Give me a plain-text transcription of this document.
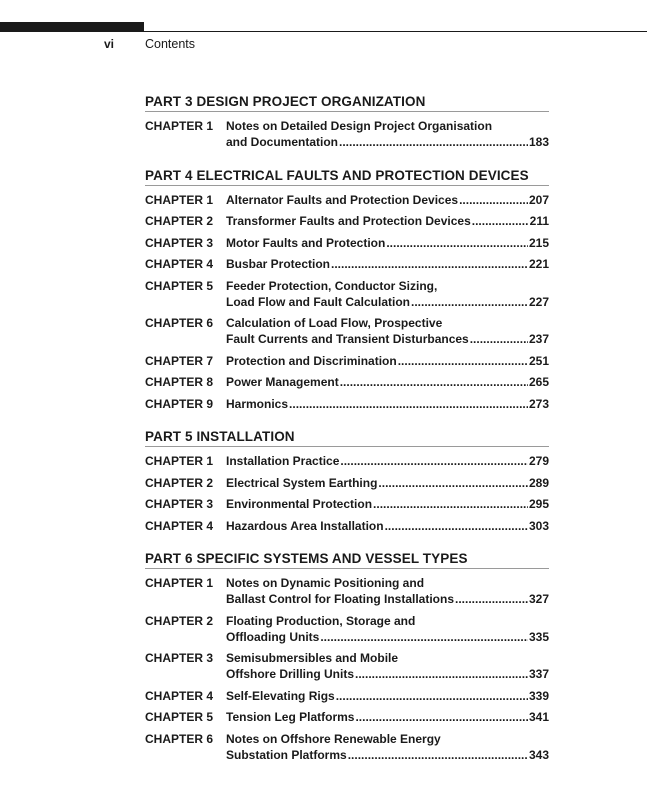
vi Contents
PART 3 DESIGN PROJECT ORGANIZATION
CHAPTER 1	Notes on Detailed Design Project Organisation
and Documentation .....	183
PART 4 ELECTRICAL FAULTS AND PROTECTION DEVICES
CHAPTER 1	Alternator Faults and Protection Devices .....	207
CHAPTER 2	Transformer Faults and Protection Devices .....	211
CHAPTER 3	Motor Faults and Protection .....	215
CHAPTER 4	Busbar Protection .....	221
CHAPTER 5	Feeder Protection, Conductor Sizing,
Load Flow and Fault Calculation .....	227
CHAPTER 6	Calculation of Load Flow, Prospective
Fault Currents and Transient Disturbances .....	237
CHAPTER 7	Protection and Discrimination .....	251
CHAPTER 8	Power Management .....	265
CHAPTER 9	Harmonics .....	273
PART 5 INSTALLATION
CHAPTER 1	Installation Practice .....	279
CHAPTER 2	Electrical System Earthing .....	289
CHAPTER 3	Environmental Protection .....	295
CHAPTER 4	Hazardous Area Installation .....	303
PART 6 SPECIFIC SYSTEMS AND VESSEL TYPES
CHAPTER 1	Notes on Dynamic Positioning and
Ballast Control for Floating Installations .....	327
CHAPTER 2	Floating Production, Storage and
Offloading Units .....	335
CHAPTER 3	Semisubmersibles and Mobile
Offshore Drilling Units .....	337
CHAPTER 4	Self-Elevating Rigs .....	339
CHAPTER 5	Tension Leg Platforms .....	341
CHAPTER 6	Notes on Offshore Renewable Energy
Substation Platforms .....	343
